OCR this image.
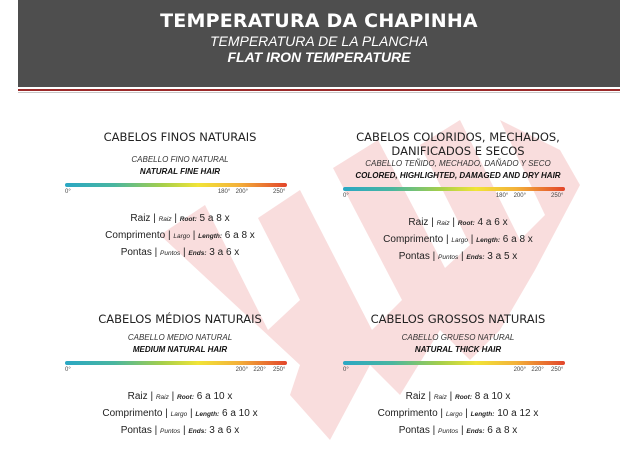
TEMPERATURA DA CHAPINHA
TEMPERATURA DE LA PLANCHA
FLAT IRON TEMPERATURE
CABELOS FINOS NATURAIS
CABELLO FINO NATURAL
NATURAL FINE HAIR
0°	180° 200°	250°
Raiz | Raiz | Root: 5 a 8 x
Comprimento | Largo | Length: 6 a 8 x
Pontas | Puntos | Ends: 3 a 6 x
CABELOS COLORIDOS, MECHADOS, DANIFICADOS E SECOS
CABELLO TEÑIDO, MECHADO, DAÑADO Y SECO
COLORED, HIGHLIGHTED, DAMAGED AND DRY HAIR
0°	180° 200°	250°
Raiz | Raiz | Root: 4 a 6 x
Comprimento | Largo | Length: 6 a 8 x
Pontas | Puntos | Ends: 3 a 5 x
CABELOS MÉDIOS NATURAIS
CABELLO MEDIO NATURAL
MEDIUM NATURAL HAIR
0°	200° 220° 250°
Raiz | Raiz | Root: 6 a 10 x
Comprimento | Largo | Length: 6 a 10 x
Pontas | Puntos | Ends: 3 a 6 x
CABELOS GROSSOS NATURAIS
CABELLO GRUESO NATURAL
NATURAL THICK HAIR
0°	200° 220° 250°
Raiz | Raiz | Root: 8 a 10 x
Comprimento | Largo | Length: 10 a 12 x
Pontas | Puntos | Ends: 6 a 8 x
